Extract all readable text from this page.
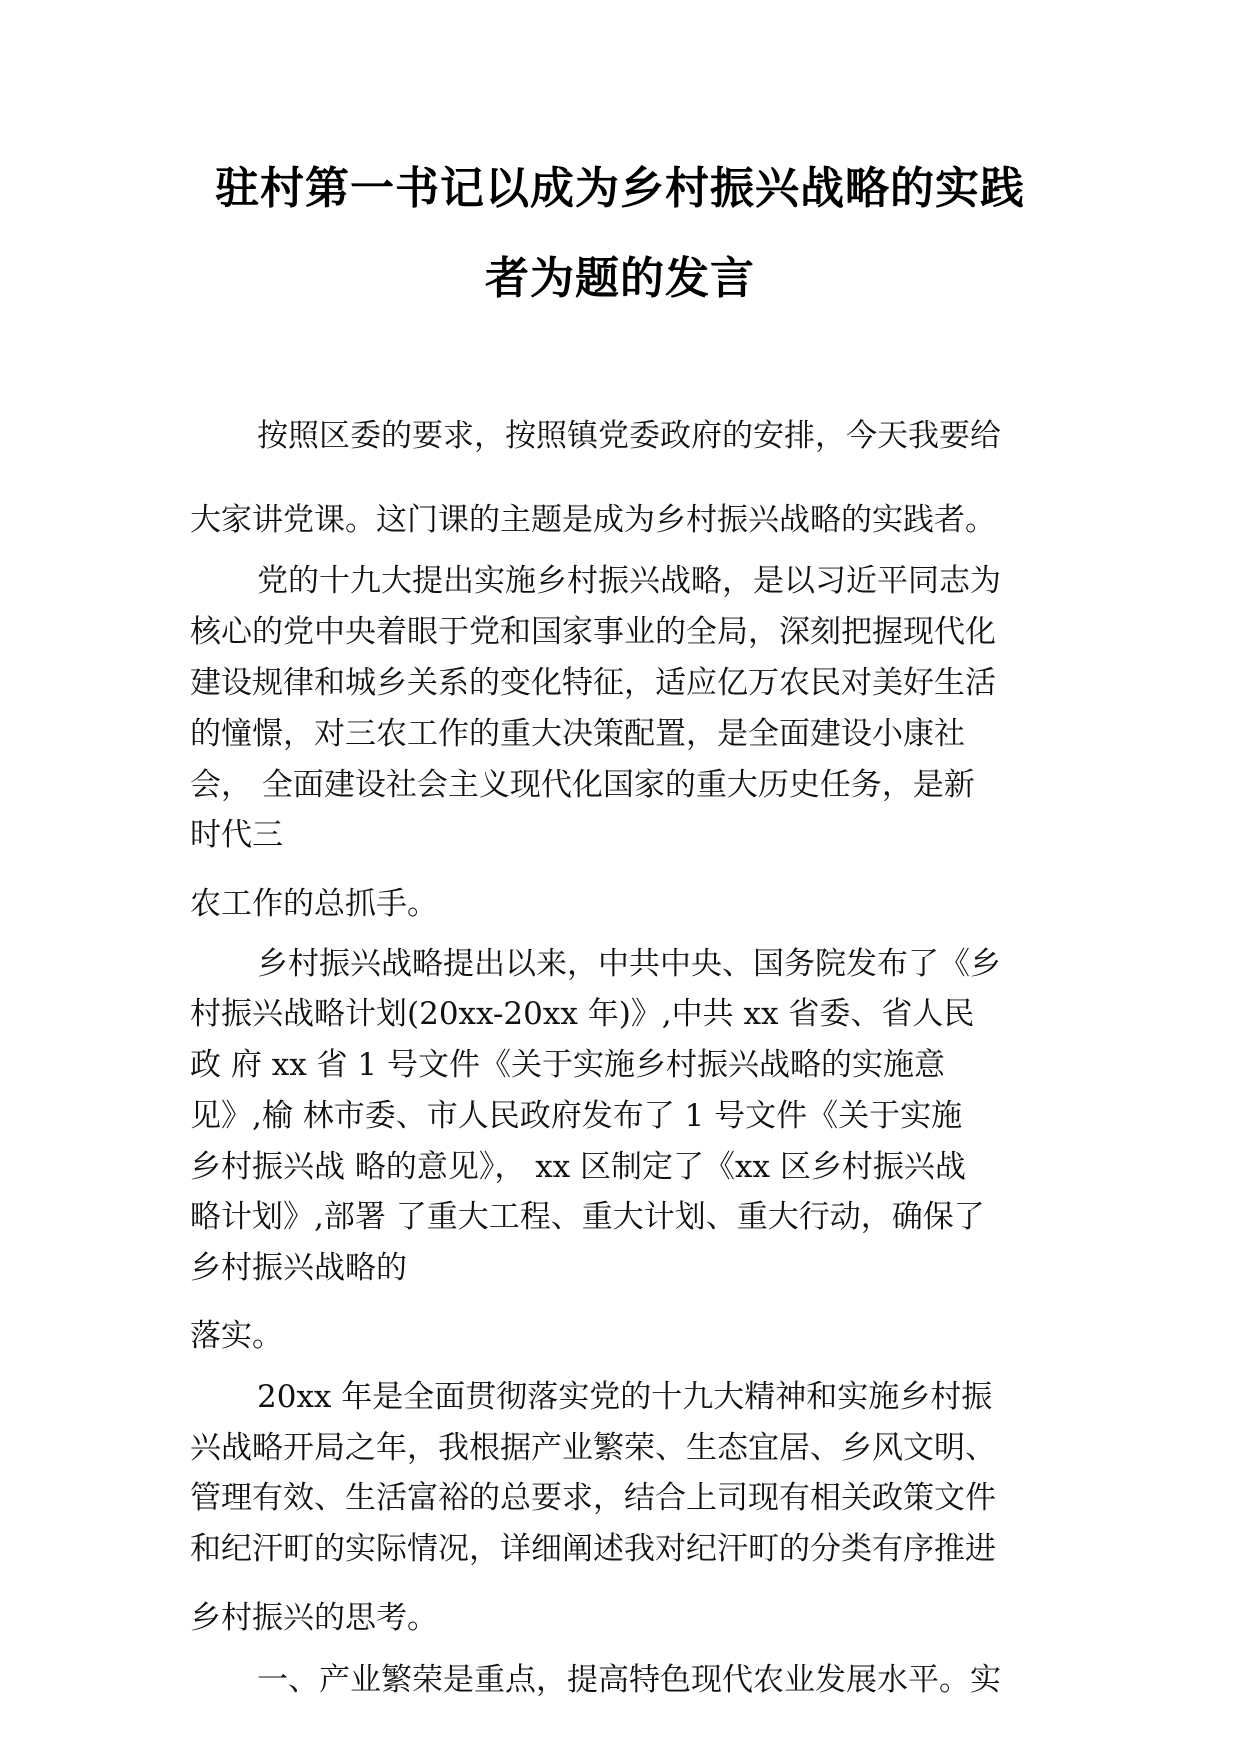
驻村第一书记以成为乡村振兴战略的实践
者为题的发言
按照区委的要求，按照镇党委政府的安排，今天我要给
大家讲党课。这门课的主题是成为乡村振兴战略的实践者。
党的十九大提出实施乡村振兴战略，是以习近平同志为
核心的党中央着眼于党和国家事业的全局，深刻把握现代化
建设规律和城乡关系的变化特征，适应亿万农民对美好生活
的憧憬，对三农工作的重大决策配置，是全面建设小康社
会， 全面建设社会主义现代化国家的重大历史任务，是新
时代三
农工作的总抓手。
乡村振兴战略提出以来，中共中央、国务院发布了《乡
村振兴战略计划(20xx-20xx 年)》,中共 xx 省委、省人民
政 府 xx 省 1 号文件《关于实施乡村振兴战略的实施意
见》,榆 林市委、市人民政府发布了 1 号文件《关于实施
乡村振兴战 略的意见》， xx 区制定了《xx 区乡村振兴战
略计划》,部署 了重大工程、重大计划、重大行动，确保了
乡村振兴战略的
落实。
20xx 年是全面贯彻落实党的十九大精神和实施乡村振
兴战略开局之年，我根据产业繁荣、生态宜居、乡风文明、
管理有效、生活富裕的总要求，结合上司现有相关政策文件
和纪汗町的实际情况，详细阐述我对纪汗町的分类有序推进
乡村振兴的思考。
一、产业繁荣是重点，提高特色现代农业发展水平。实
